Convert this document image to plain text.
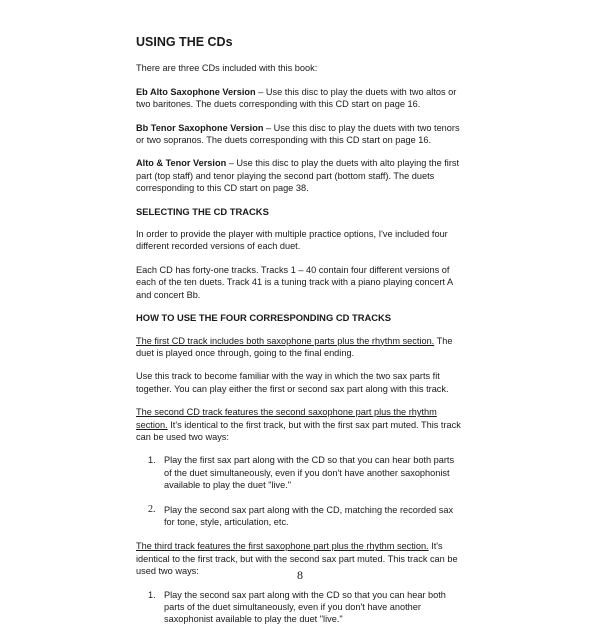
USING THE CDs

There are three CDs included with this book:

Eb Alto Saxophone Version – Use this disc to play the duets with two altos or two baritones. The duets corresponding with this CD start on page 16.

Bb Tenor Saxophone Version – Use this disc to play the duets with two tenors or two sopranos. The duets corresponding with this CD start on page 16.

Alto & Tenor Version – Use this disc to play the duets with alto playing the first part (top staff) and tenor playing the second part (bottom staff). The duets corresponding to this CD start on page 38.

SELECTING THE CD TRACKS

In order to provide the player with multiple practice options, I've included four different recorded versions of each duet.

Each CD has forty-one tracks. Tracks 1 – 40 contain four different versions of each of the ten duets. Track 41 is a tuning track with a piano playing concert A and concert Bb.

HOW TO USE THE FOUR CORRESPONDING CD TRACKS

The first CD track includes both saxophone parts plus the rhythm section. The duet is played once through, going to the final ending.

Use this track to become familiar with the way in which the two sax parts fit together. You can play either the first or second sax part along with this track.

The second CD track features the second saxophone part plus the rhythm section. It's identical to the first track, but with the first sax part muted. This track can be used two ways:

1. Play the first sax part along with the CD so that you can hear both parts of the duet simultaneously, even if you don't have another saxophonist available to play the duet "live."
2. Play the second sax part along with the CD, matching the recorded sax for tone, style, articulation, etc.

The third track features the first saxophone part plus the rhythm section. It's identical to the first track, but with the second sax part muted. This track can be used two ways:

1. Play the second sax part along with the CD so that you can hear both parts of the duet simultaneously, even if you don't have another saxophonist available to play the duet "live."
8
